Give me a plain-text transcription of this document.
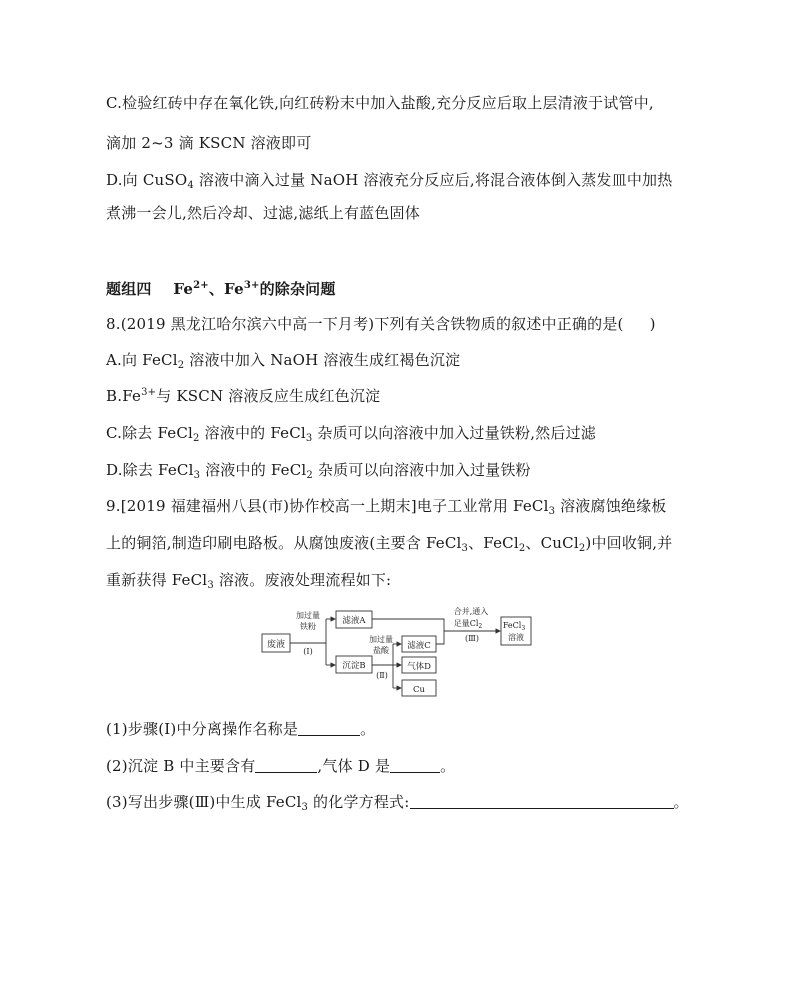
C.检验红砖中存在氧化铁,向红砖粉末中加入盐酸,充分反应后取上层清液于试管中,
滴加 2~3 滴 KSCN 溶液即可
D.向 CuSO$_4$ 溶液中滴入过量 NaOH 溶液充分反应后,将混合液体倒入蒸发皿中加热
煮沸一会儿,然后冷却、过滤,滤纸上有蓝色固体
题组四 $Fe^{2+}$、$Fe^{3+}$的除杂问题
8.(2019 黑龙江哈尔滨六中高一下月考)下列有关含铁物质的叙述中正确的是( )
A.向 FeCl$_2$ 溶液中加入 NaOH 溶液生成红褐色沉淀
$B.Fe^{3+}$与 KSCN 溶液反应生成红色沉淀
C.除去 FeCl$_2$ 溶液中的 FeCl$_3$ 杂质可以向溶液中加入过量铁粉,然后过滤
D.除去 FeCl$_3$ 溶液中的 FeCl$_2$ 杂质可以向溶液中加入过量铁粉
9.[2019 福建福州八县(市)协作校高一上期末]电子工业常用 FeCl$_3$ 溶液腐蚀绝缘板
上的铜箔,制造印刷电路板。从腐蚀废液(主要含 FeCl$_3$、FeCl$_2$、CuCl$_2$)中回收铜,并
重新获得 FeCl$_3$ 溶液。废液处理流程如下:
废液
加过量
铁粉
(Ⅰ)
滤液A
沉淀B
加过量
盐酸
(Ⅱ)
滤液C
气体D
Cu
合并,通入
足量$Cl_2$
(Ⅲ)
FeCl$_3$
溶液
(1)步骤(Ⅰ)中分离操作名称是	。
(2)沉淀 B 中主要含有	,气体 D 是	。
(3)写出步骤(Ⅲ)中生成 FeCl$_3$ 的化学方程式:	。
